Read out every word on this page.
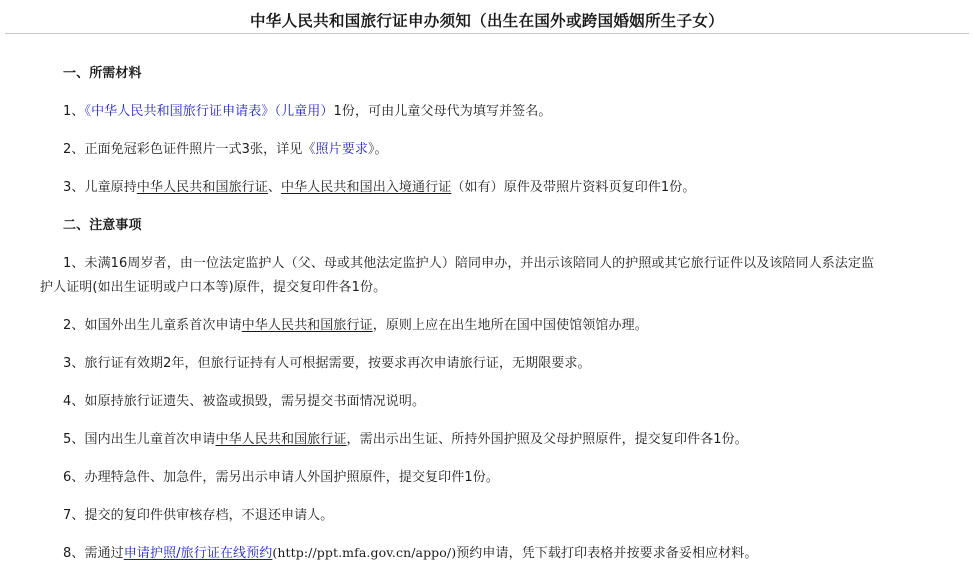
中华人民共和国旅行证申办须知（出生在国外或跨国婚姻所生子女）
一、所需材料
1、《中华人民共和国旅行证申请表》（儿童用）1份，可由儿童父母代为填写并签名。
2、正面免冠彩色证件照片一式3张，详见《照片要求》。
3、儿童原持中华人民共和国旅行证、中华人民共和国出入境通行证（如有）原件及带照片资料页复印件1份。
二、注意事项
1、未满16周岁者，由一位法定监护人（父、母或其他法定监护人）陪同申办，并出示该陪同人的护照或其它旅行证件以及该陪同人系法定监
护人证明(如出生证明或户口本等)原件，提交复印件各1份。
2、如国外出生儿童系首次申请中华人民共和国旅行证，原则上应在出生地所在国中国使馆领馆办理。
3、旅行证有效期2年，但旅行证持有人可根据需要，按要求再次申请旅行证，无期限要求。
4、如原持旅行证遗失、被盗或损毁，需另提交书面情况说明。
5、国内出生儿童首次申请中华人民共和国旅行证，需出示出生证、所持外国护照及父母护照原件，提交复印件各1份。
6、办理特急件、加急件，需另出示申请人外国护照原件，提交复印件1份。
7、提交的复印件供审核存档，不退还申请人。
8、需通过申请护照/旅行证在线预约(http://ppt.mfa.gov.cn/appo/)预约申请，凭下载打印表格并按要求备妥相应材料。
